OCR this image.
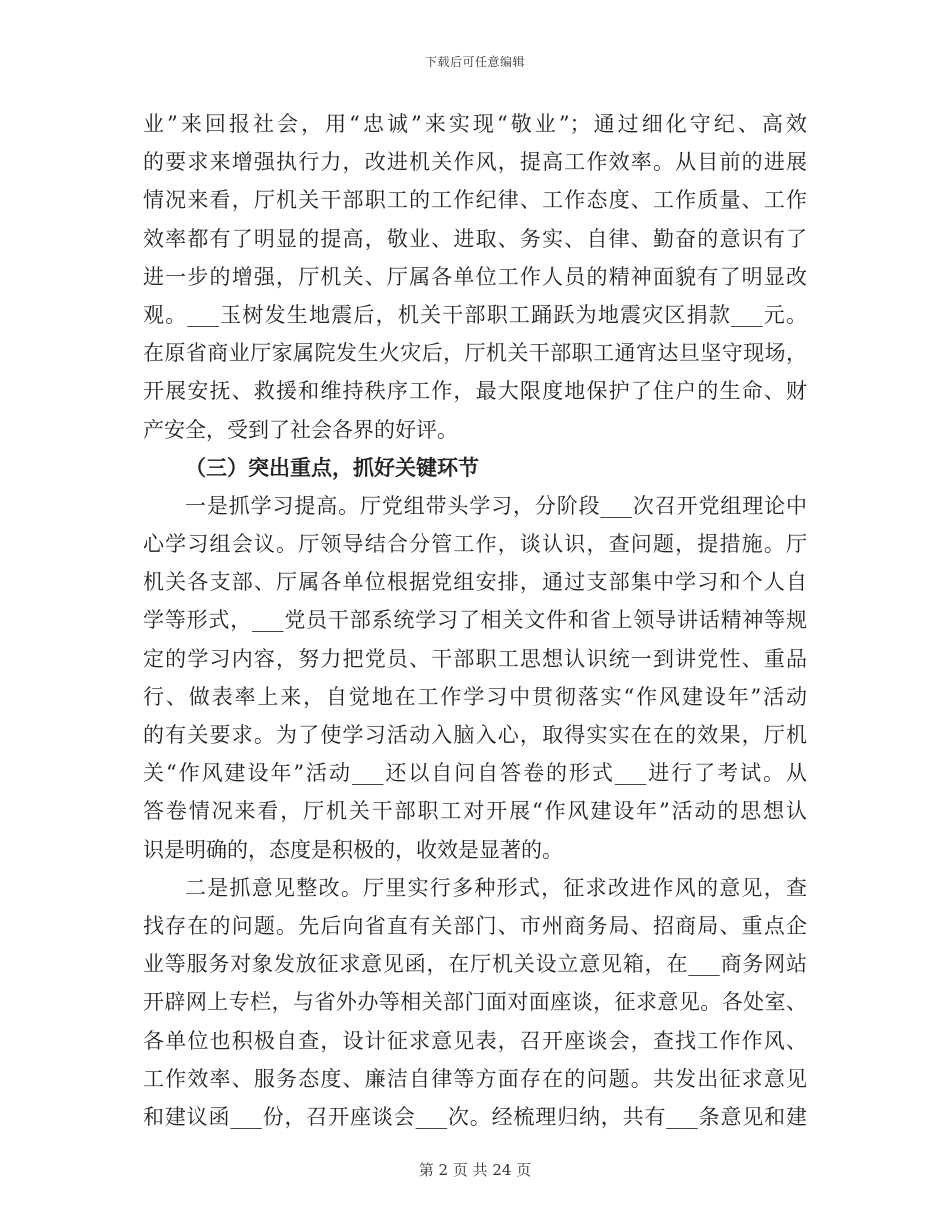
下载后可任意编辑
业”来回报社会，用“忠诚”来实现“敬业”；通过细化守纪、高效
的要求来增强执行力，改进机关作风，提高工作效率。从目前的进展
情况来看，厅机关干部职工的工作纪律、工作态度、工作质量、工作
效率都有了明显的提高，敬业、进取、务实、自律、勤奋的意识有了
进一步的增强，厅机关、厅属各单位工作人员的精神面貌有了明显改
观。___玉树发生地震后，机关干部职工踊跃为地震灾区捐款___元。
在原省商业厅家属院发生火灾后，厅机关干部职工通宵达旦坚守现场，
开展安抚、救援和维持秩序工作，最大限度地保护了住户的生命、财
产安全，受到了社会各界的好评。
（三）突出重点，抓好关键环节
一是抓学习提高。厅党组带头学习，分阶段___次召开党组理论中
心学习组会议。厅领导结合分管工作，谈认识，查问题，提措施。厅
机关各支部、厅属各单位根据党组安排，通过支部集中学习和个人自
学等形式，___党员干部系统学习了相关文件和省上领导讲话精神等规
定的学习内容，努力把党员、干部职工思想认识统一到讲党性、重品
行、做表率上来，自觉地在工作学习中贯彻落实“作风建设年”活动
的有关要求。为了使学习活动入脑入心，取得实实在在的效果，厅机
关“作风建设年”活动___还以自问自答卷的形式___进行了考试。从
答卷情况来看，厅机关干部职工对开展“作风建设年”活动的思想认
识是明确的，态度是积极的，收效是显著的。
二是抓意见整改。厅里实行多种形式，征求改进作风的意见，查
找存在的问题。先后向省直有关部门、市州商务局、招商局、重点企
业等服务对象发放征求意见函，在厅机关设立意见箱，在___商务网站
开辟网上专栏，与省外办等相关部门面对面座谈，征求意见。各处室、
各单位也积极自查，设计征求意见表，召开座谈会，查找工作作风、
工作效率、服务态度、廉洁自律等方面存在的问题。共发出征求意见
和建议函___份，召开座谈会___次。经梳理归纳，共有___条意见和建
第 2 页 共 24 页
